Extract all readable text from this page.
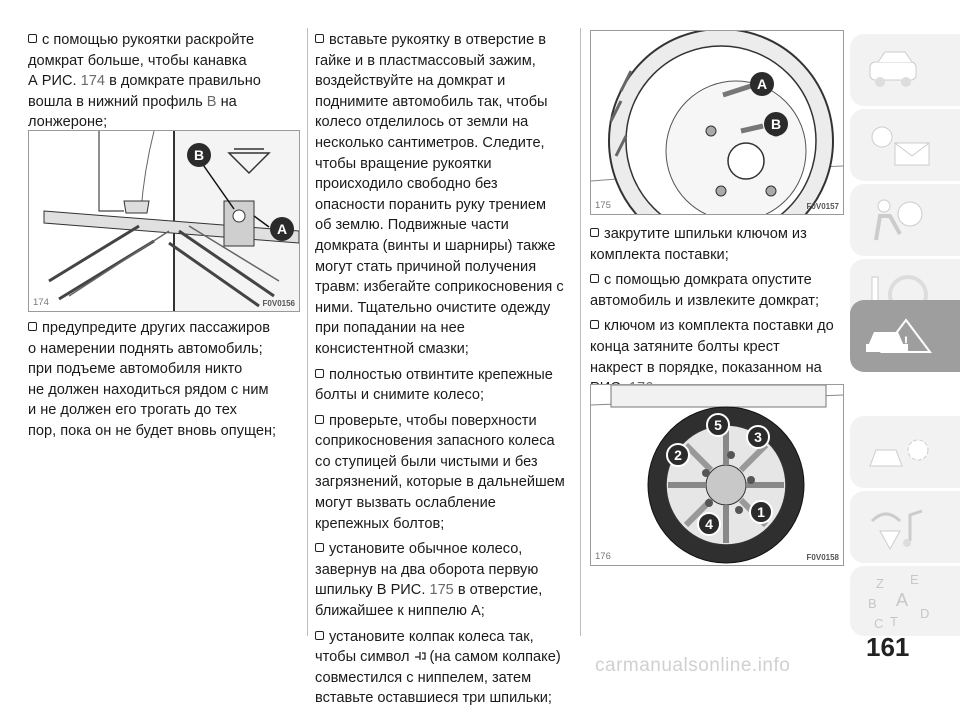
с помощью рукоятки раскройте
домкрат больше, чтобы канавка
А РИС. 174 в домкрате правильно
вошла в нижний профиль В на
лонжероне;

A
B
174	F0V0156

предупредите других пассажиров
о намерении поднять автомобиль;
при подъеме автомобиля никто
не должен находиться рядом с ним
и не должен его трогать до тех
пор, пока он не будет вновь опущен;

вставьте рукоятку в отверстие в
гайке и в пластмассовый зажим,
воздействуйте на домкрат и
поднимите автомобиль так, чтобы
колесо отделилось от земли на
несколько сантиметров. Следите,
чтобы вращение рукоятки
происходило свободно без
опасности поранить руку трением
об землю. Подвижные части
домкрата (винты и шарниры) также
могут стать причиной получения
травм: избегайте соприкосновения с
ними. Тщательно очистите одежду
при попадании на нее
консистентной смазки;

полностью отвинтите крепежные
болты и снимите колесо;

проверьте, чтобы поверхности
соприкосновения запасного колеса
со ступицей были чистыми и без
загрязнений, которые в дальнейшем
могут вызвать ослабление
крепежных болтов;

установите обычное колесо,
завернув на два оборота первую
шпильку В РИС. 175 в отверстие,
ближайшее к ниппелю А;

установите колпак колеса так,
чтобы символ (на самом колпаке)
совместился с ниппелем, затем
вставьте оставшиеся три шпильки;

A
B
175	F0V0157

закрутите шпильки ключом из
комплекта поставки;

с помощью домкрата опустите
автомобиль и извлеките домкрат;

ключом из комплекта поставки до
конца затяните болты крест
накрест в порядке, показанном на

5
3
2
1
4
176	F0V0158
!
Z E
B A
C T
D
161
carmanualsonline.info
